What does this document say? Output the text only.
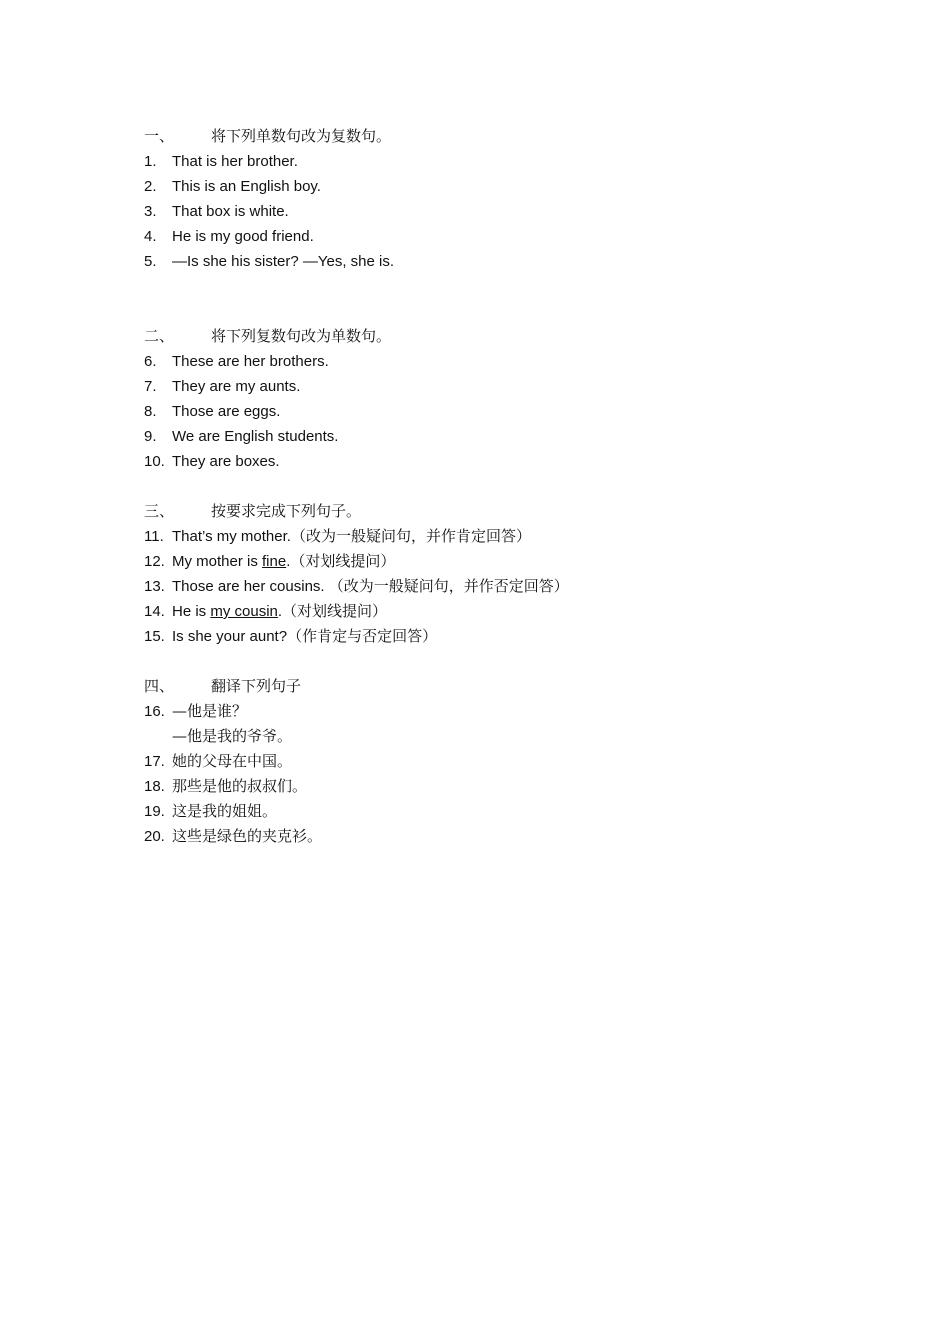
一、 将下列单数句改为复数句。
1. That is her brother.
2. This is an English boy.
3. That box is white.
4. He is my good friend.
5. —Is she his sister? —Yes, she is.
二、 将下列复数句改为单数句。
6. These are her brothers.
7. They are my aunts.
8. Those are eggs.
9. We are English students.
10. They are boxes.
三、 按要求完成下列句子。
11. That’s my mother.（改为一般疑问句，并作肯定回答）
12. My mother is fine.（对划线提问）
13. Those are her cousins. （改为一般疑问句，并作否定回答）
14. He is my cousin.（对划线提问）
15. Is she your aunt?（作肯定与否定回答）
四、 翻译下列句子
16. —他是谁？
—他是我的爷爷。
17. 她的父母在中国。
18. 那些是他的叔叔们。
19. 这是我的姐姐。
20. 这些是绿色的夹克衫。
